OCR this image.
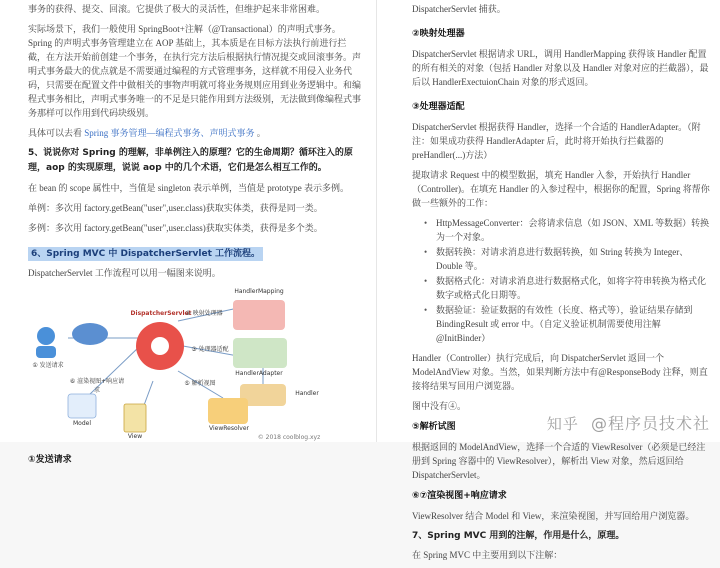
事务的获得、提交、回滚。它提供了极大的灵活性，但维护起来非常困难。

实际场景下，我们一般使用 SpringBoot+注解（@Transactional）的声明式事务。Spring 的声明式事务管理建立在 AOP 基础上，其本质是在目标方法执行前进行拦截，在方法开始前创建一个事务，在执行完方法后根据执行情况提交或回滚事务。声明式事务最大的优点就是不需要通过编程的方式管理事务，这样就不用侵入业务代码，只需要在配置文件中做相关的事物声明就可将业务规则应用到业务逻辑中。和编程式事务相比，声明式事务唯一的不足是只能作用到方法级别，无法做到像编程式事务那样可以作用到代码块级别。

具体可以去看 Spring 事务管理—编程式事务、声明式事务 。

5、说说你对 Spring 的理解，非单例注入的原理？它的生命周期？循环注入的原理，aop 的实现原理，说说 aop 中的几个术语，它们是怎么相互工作的。

在 bean 的 scope 属性中，当值是 singleton 表示单例，当值是 prototype 表示多例。

单例：多次用 factory.getBean("user",user.class)获取实体类，获得是同一类。

多例：多次用 factory.getBean("user",user.class)获取实体类，获得是多个类。

6、Spring MVC 中 DispatcherServlet 工作流程。

DispatcherServlet 工作流程可以用一幅图来说明。

① 发送请求
DispatcherServlet
HandlerMapping
② 映射处理器
HandlerAdapter
③ 处理器适配
Handler
ViewResolver
⑤ 解析视图
View
Model
⑥ 渲染视图+响应请求
© 2018 coolblog.xyz
①发送请求

DispatcherServlet 捕获。

②映射处理器

DispatcherServlet 根据请求 URL，调用 HandlerMapping 获得该 Handler 配置的所有相关的对象（包括 Handler 对象以及 Handler 对象对应的拦截器），最后以 HandlerExectuionChain 对象的形式返回。

③处理器适配

DispatcherServlet 根据获得 Handler，选择一个合适的 HandlerAdapter。（附注：如果成功获得 HandlerAdapter 后，此时将开始执行拦截器的 preHandler(...)方法）

提取请求 Request 中的模型数据，填充 Handler 入参，开始执行 Handler（Controller)。在填充 Handler 的入参过程中，根据你的配置，Spring 将帮你做一些额外的工作：

• HttpMessageConverter：会将请求信息（如 JSON、XML 等数据）转换为一个对象。
• 数据转换：对请求消息进行数据转换，如 String 转换为 Integer、Double 等。
• 数据格式化：对请求消息进行数据格式化，如将字符串转换为格式化数字或格式化日期等。
• 数据验证：验证数据的有效性（长度、格式等），验证结果存储到 BindingResult 或 error 中。（自定义验证机制需要使用注解@InitBinder）

Handler（Controller）执行完成后，向 DispatcherServlet 返回一个 ModelAndView 对象。当然，如果判断方法中有@ResponseBody 注释，则直接将结果写回用户浏览器。

图中没有④。

⑤解析试图

根据返回的 ModelAndView，选择一个合适的 ViewResolver（必须是已经注册到 Spring 容器中的 ViewResolver），解析出 View 对象，然后返回给 DispatcherServlet。

⑥⑦渲染视图+响应请求

ViewResolver 结合 Model 和 View，来渲染视图，并写回给用户浏览器。

7、Spring MVC 用到的注解，作用是什么，原理。

在 Spring MVC 中主要用到以下注解：

知乎 @程序员技术社
